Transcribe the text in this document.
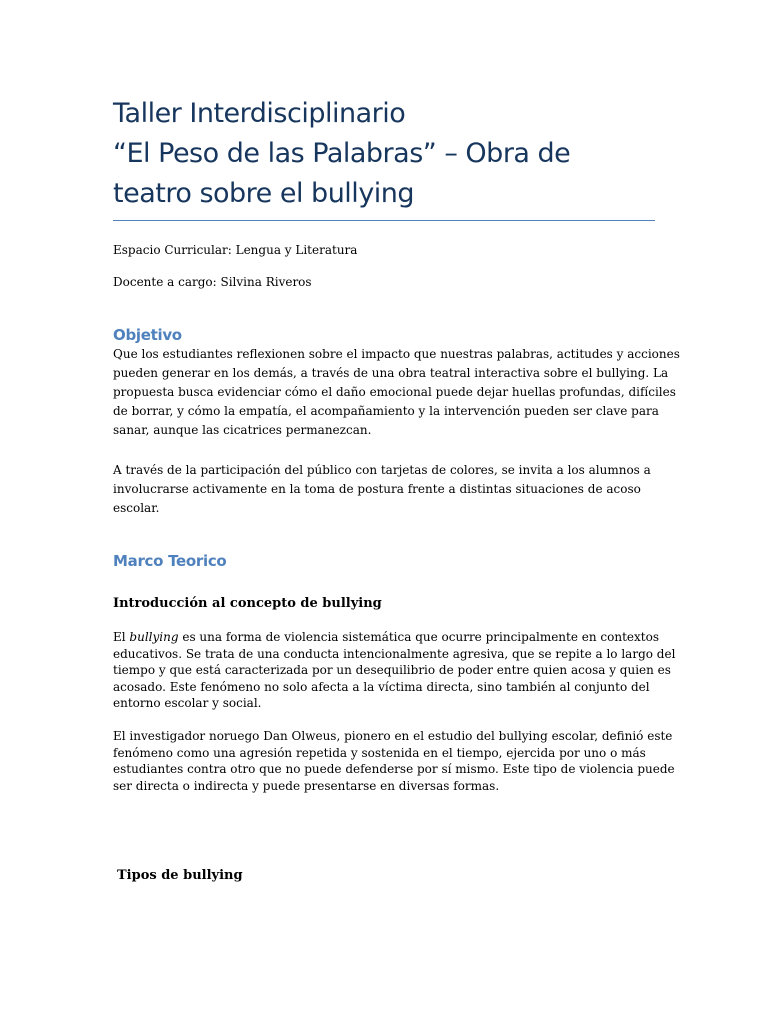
Taller Interdisciplinario
“El Peso de las Palabras” – Obra de
teatro sobre el bullying
Espacio Curricular: Lengua y Literatura
Docente a cargo: Silvina Riveros
Objetivo
Que los estudiantes reflexionen sobre el impacto que nuestras palabras, actitudes y acciones
pueden generar en los demás, a través de una obra teatral interactiva sobre el bullying. La
propuesta busca evidenciar cómo el daño emocional puede dejar huellas profundas, difíciles
de borrar, y cómo la empatía, el acompañamiento y la intervención pueden ser clave para
sanar, aunque las cicatrices permanezcan.
A través de la participación del público con tarjetas de colores, se invita a los alumnos a
involucrarse activamente en la toma de postura frente a distintas situaciones de acoso
escolar.
Marco Teorico
Introducción al concepto de bullying
El bullying es una forma de violencia sistemática que ocurre principalmente en contextos
educativos. Se trata de una conducta intencionalmente agresiva, que se repite a lo largo del
tiempo y que está caracterizada por un desequilibrio de poder entre quien acosa y quien es
acosado. Este fenómeno no solo afecta a la víctima directa, sino también al conjunto del
entorno escolar y social.
El investigador noruego Dan Olweus, pionero en el estudio del bullying escolar, definió este
fenómeno como una agresión repetida y sostenida en el tiempo, ejercida por uno o más
estudiantes contra otro que no puede defenderse por sí mismo. Este tipo de violencia puede
ser directa o indirecta y puede presentarse en diversas formas.
Tipos de bullying
